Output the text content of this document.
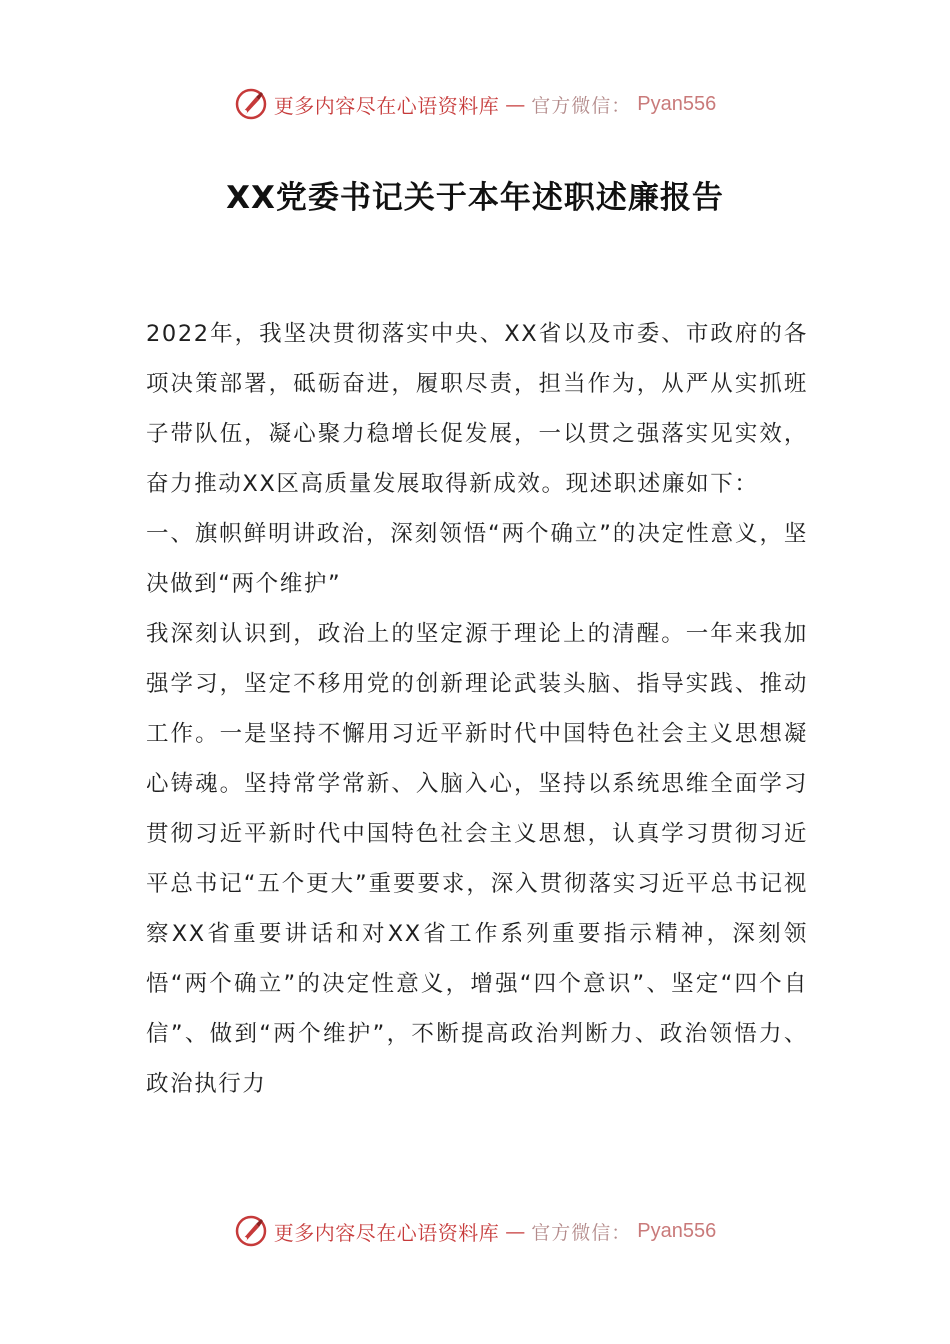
更多内容尽在心语资料库 — 官方微信： Pyan556
XX党委书记关于本年述职述廉报告

2022年，我坚决贯彻落实中央、XX省以及市委、市政府的各项决策部署，砥砺奋进，履职尽责，担当作为，从严从实抓班子带队伍，凝心聚力稳增长促发展，一以贯之强落实见实效，奋力推动XX区高质量发展取得新成效。现述职述廉如下：

一、旗帜鲜明讲政治，深刻领悟“两个确立”的决定性意义，坚决做到“两个维护”

我深刻认识到，政治上的坚定源于理论上的清醒。一年来我加强学习，坚定不移用党的创新理论武装头脑、指导实践、推动工作。一是坚持不懈用习近平新时代中国特色社会主义思想凝心铸魂。坚持常学常新、入脑入心，坚持以系统思维全面学习贯彻习近平新时代中国特色社会主义思想，认真学习贯彻习近平总书记“五个更大”重要要求，深入贯彻落实习近平总书记视察XX省重要讲话和对XX省工作系列重要指示精神，深刻领悟“两个确立”的决定性意义，增强“四个意识”、坚定“四个自信”、做到“两个维护”，不断提高政治判断力、政治领悟力、政治执行力

更多内容尽在心语资料库 — 官方微信： Pyan556
